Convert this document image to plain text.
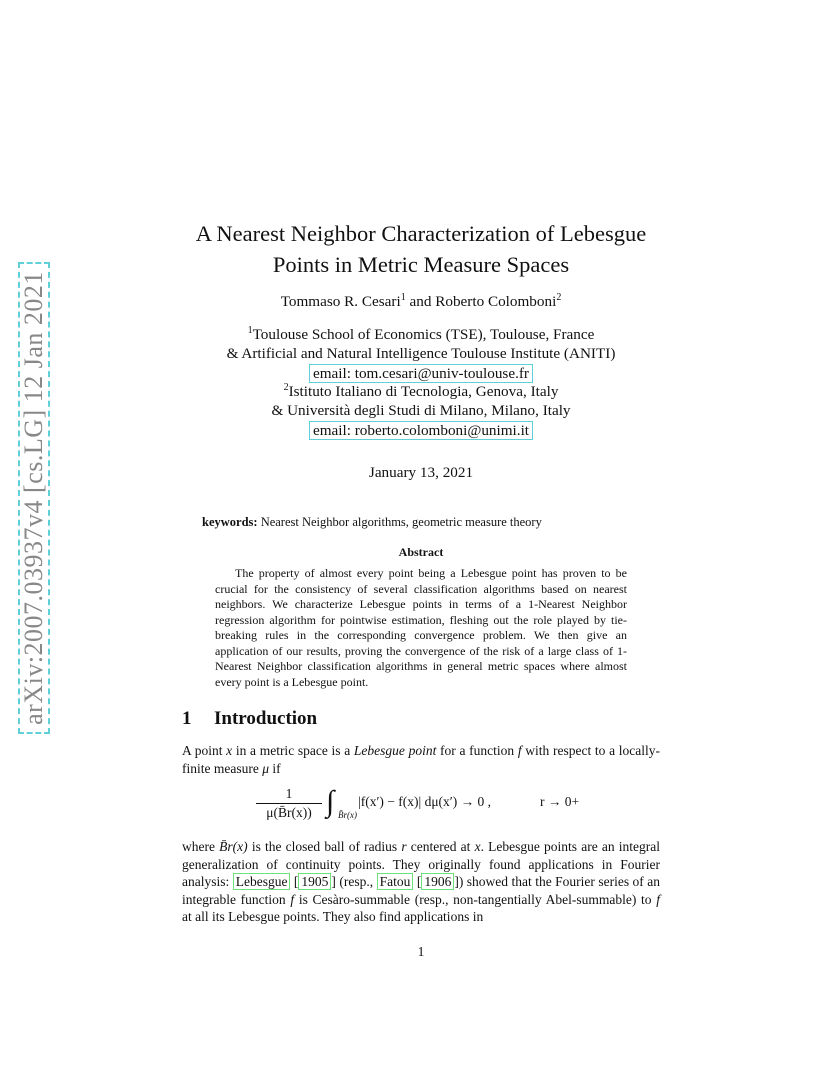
arXiv:2007.03937v4 [cs.LG] 12 Jan 2021
A Nearest Neighbor Characterization of Lebesgue
Points in Metric Measure Spaces
Tommaso R. Cesari$^1$ and Roberto Colomboni$^2$
$^1$Toulouse School of Economics (TSE), Toulouse, France
& Artificial and Natural Intelligence Toulouse Institute (ANITI)
email: tom.cesari@univ-toulouse.fr
$^2$Istituto Italiano di Tecnologia, Genova, Italy
& Università degli Studi di Milano, Milano, Italy
email: roberto.colomboni@unimi.it
January 13, 2021
keywords: Nearest Neighbor algorithms, geometric measure theory
Abstract
The property of almost every point being a Lebesgue point has proven to be crucial for the consistency of several classification algorithms based on nearest neighbors. We characterize Lebesgue points in terms of a 1-Nearest Neighbor regression algorithm for pointwise estimation, fleshing out the role played by tie-breaking rules in the corresponding convergence problem. We then give an application of our results, proving the convergence of the risk of a large class of 1-Nearest Neighbor classification algorithms in general metric spaces where almost every point is a Lebesgue point.
1 Introduction
A point x in a metric space is a Lebesgue point for a function f with respect to a locally-finite measure μ if
$\frac{1}{\mu(B̄r(x))}$ ∫ B̄r(x)
|f(x′) − f(x)| dμ(x′) → 0 ,	r → 0+
where B̄r(x) is the closed ball of radius r centered at x. Lebesgue points are an integral generalization of continuity points. They originally found applications in Fourier analysis: Lebesgue [ 1905 ] (resp., Fatou [ 1906 ]) showed that the Fourier series of an integrable function f is Cesàro-summable (resp., non-tangentially Abel-summable) to f at all its Lebesgue points. They also find applications in
1
